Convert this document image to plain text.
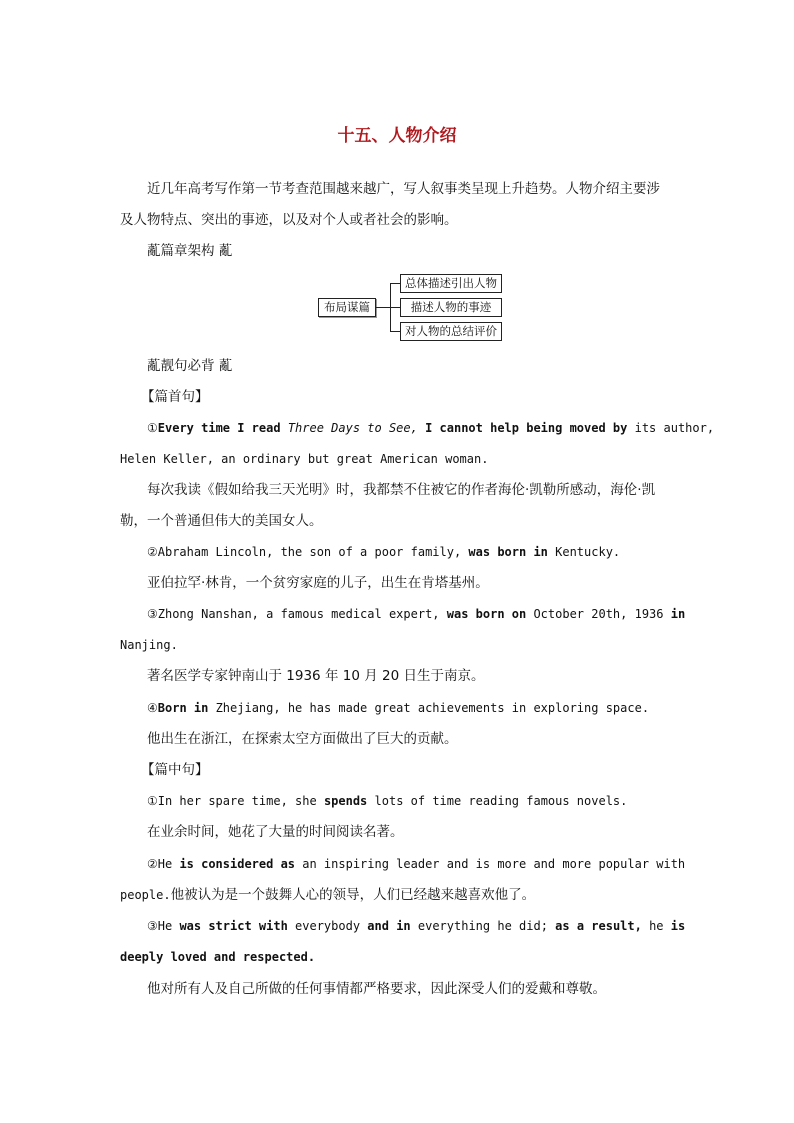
十五、人物介绍
近几年高考写作第一节考查范围越来越广，写人叙事类呈现上升趋势。人物介绍主要涉
及人物特点、突出的事迹，以及对个人或者社会的影响。
薍篇章架构 薍
布局谋篇
总体描述引出人物
描述人物的事迹
对人物的总结评价
薍靓句必背 薍
【篇首句】
①Every time I read Three Days to See, I cannot help being moved by its author,
Helen Keller, an ordinary but great American woman.
每次我读《假如给我三天光明》时，我都禁不住被它的作者海伦·凯勒所感动，海伦·凯
勒，一个普通但伟大的美国女人。
②Abraham Lincoln, the son of a poor family, was born in Kentucky.
亚伯拉罕·林肯，一个贫穷家庭的儿子，出生在肯塔基州。
③Zhong Nanshan, a famous medical expert, was born on October 20th, 1936 in
Nanjing.
著名医学专家钟南山于 1936 年 10 月 20 日生于南京。
④Born in Zhejiang, he has made great achievements in exploring space.
他出生在浙江，在探索太空方面做出了巨大的贡献。
【篇中句】
①In her spare time, she spends lots of time reading famous novels.
在业余时间，她花了大量的时间阅读名著。
②He is considered as an inspiring leader and is more and more popular with
people.他被认为是一个鼓舞人心的领导，人们已经越来越喜欢他了。
③He was strict with everybody and in everything he did; as a result, he is
deeply loved and respected.
他对所有人及自己所做的任何事情都严格要求，因此深受人们的爱戴和尊敬。
